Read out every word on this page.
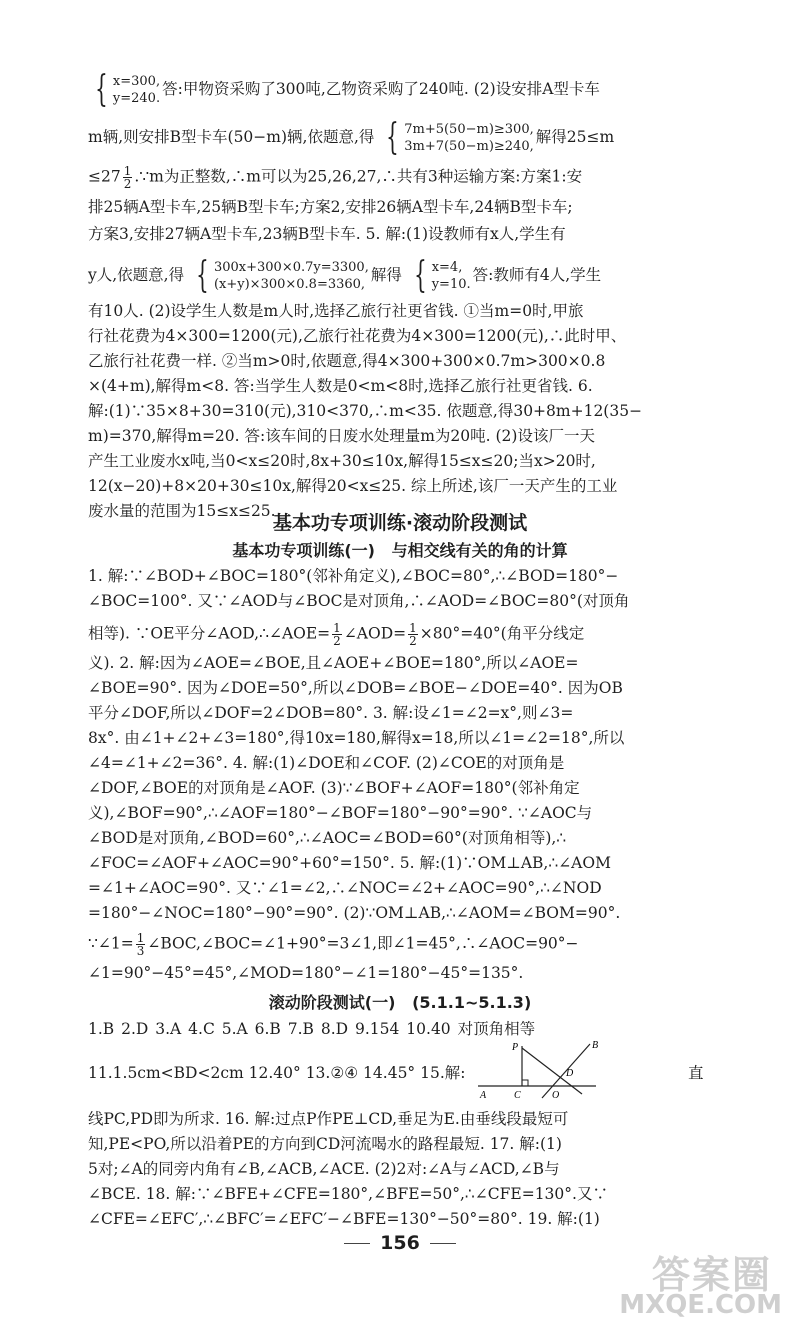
{ x=300,
y=240.答:甲物资采购了300吨,乙物资采购了240吨. (2)设安排A型卡车
m辆,则安排B型卡车(50−m)辆,依题意,得 { 7m+5(50−m)≥300,
3m+7(50−m)≥240,解得25≤m
$\le 27 \frac{1}{2}$ .∵m为正整数,∴m可以为25,26,27,∴共有3种运输方案:方案1:安
排25辆A型卡车,25辆B型卡车;方案2,安排26辆A型卡车,24辆B型卡车;
方案3,安排27辆A型卡车,23辆B型卡车. 5. 解:(1)设教师有x人,学生有
y人,依题意,得 { 300x+300×0.7y=3300,
(x+y)×300×0.8=3360,解得 { x=4,
y=10.答:教师有4人,学生
有10人. (2)设学生人数是m人时,选择乙旅行社更省钱. ①当m=0时,甲旅
行社花费为4×300=1200(元),乙旅行社花费为4×300=1200(元),∴此时甲、
乙旅行社花费一样. ②当m>0时,依题意,得4×300+300×0.7m>300×0.8
×(4+m),解得m<8. 答:当学生人数是0<m<8时,选择乙旅行社更省钱. 6.
解:(1)∵35×8+30=310(元),310<370,∴m<35. 依题意,得30+8m+12(35−
m)=370,解得m=20. 答:该车间的日废水处理量m为20吨. (2)设该厂一天
产生工业废水x吨,当0<x≤20时,8x+30≤10x,解得15≤x≤20;当x>20时,
12(x−20)+8×20+30≤10x,解得20<x≤25. 综上所述,该厂一天产生的工业
废水量的范围为15≤x≤25.
基本功专项训练·滚动阶段测试
基本功专项训练(一) 与相交线有关的角的计算
1. 解:∵∠BOD+∠BOC=180°(邻补角定义),∠BOC=80°,∴∠BOD=180°−
∠BOC=100°. 又∵∠AOD与∠BOC是对顶角,∴∠AOD=∠BOC=80°(对顶角
相等). ∵OE平分∠AOD,∴∠AOE= $\frac{1}{2}$ ∠AOD= $\frac{1}{2} \times 80^\circ=40^\circ$(角平分线定
义). 2. 解:因为∠AOE=∠BOE,且∠AOE+∠BOE=180°,所以∠AOE=
∠BOE=90°. 因为∠DOE=50°,所以∠DOB=∠BOE−∠DOE=40°. 因为OB
平分∠DOF,所以∠DOF=2∠DOB=80°. 3. 解:设∠1=∠2=x°,则∠3=
8x°. 由∠1+∠2+∠3=180°,得10x=180,解得x=18,所以∠1=∠2=18°,所以
∠4=∠1+∠2=36°. 4. 解:(1)∠DOE和∠COF. (2)∠COE的对顶角是
∠DOF,∠BOE的对顶角是∠AOF. (3)∵∠BOF+∠AOF=180°(邻补角定
义),∠BOF=90°,∴∠AOF=180°−∠BOF=180°−90°=90°. ∵∠AOC与
∠BOD是对顶角,∠BOD=60°,∴∠AOC=∠BOD=60°(对顶角相等),∴
∠FOC=∠AOF+∠AOC=90°+60°=150°. 5. 解:(1)∵OM⊥AB,∴∠AOM
=∠1+∠AOC=90°. 又∵∠1=∠2,∴∠NOC=∠2+∠AOC=90°,∴∠NOD
=180°−∠NOC=180°−90°=90°. (2)∵OM⊥AB,∴∠AOM=∠BOM=90°.
∵∠1= $\frac{1}{3}$ ∠BOC,∠BOC=∠1+90°=3∠1,即∠1=45°,∴∠AOC=90°−
∠1=90°−45°=45°,∠MOD=180°−∠1=180°−45°=135°.
滚动阶段测试(一) (5.1.1~5.1.3)
1.B 2.D 3.A 4.C 5.A 6.B 7.B 8.D 9.154 10.40 对顶角相等
11.1.5cm<BD<2cm 12.40° 13.②④ 14.45° 15.解:	直
P	B
A	C	O
D
线PC,PD即为所求. 16. 解:过点P作PE⊥CD,垂足为E.由垂线段最短可
知,PE<PO,所以沿着PE的方向到CD河流喝水的路程最短. 17. 解:(1)
5对;∠A的同旁内角有∠B,∠ACB,∠ACE. (2)2对:∠A与∠ACD,∠B与
∠BCE. 18. 解:∵∠BFE+∠CFE=180°,∠BFE=50°,∴∠CFE=130°.又∵
∠CFE=∠EFC′,∴∠BFC′=∠EFC′−∠BFE=130°−50°=80°. 19. 解:(1)
156
答案圈
MXQE.COM
